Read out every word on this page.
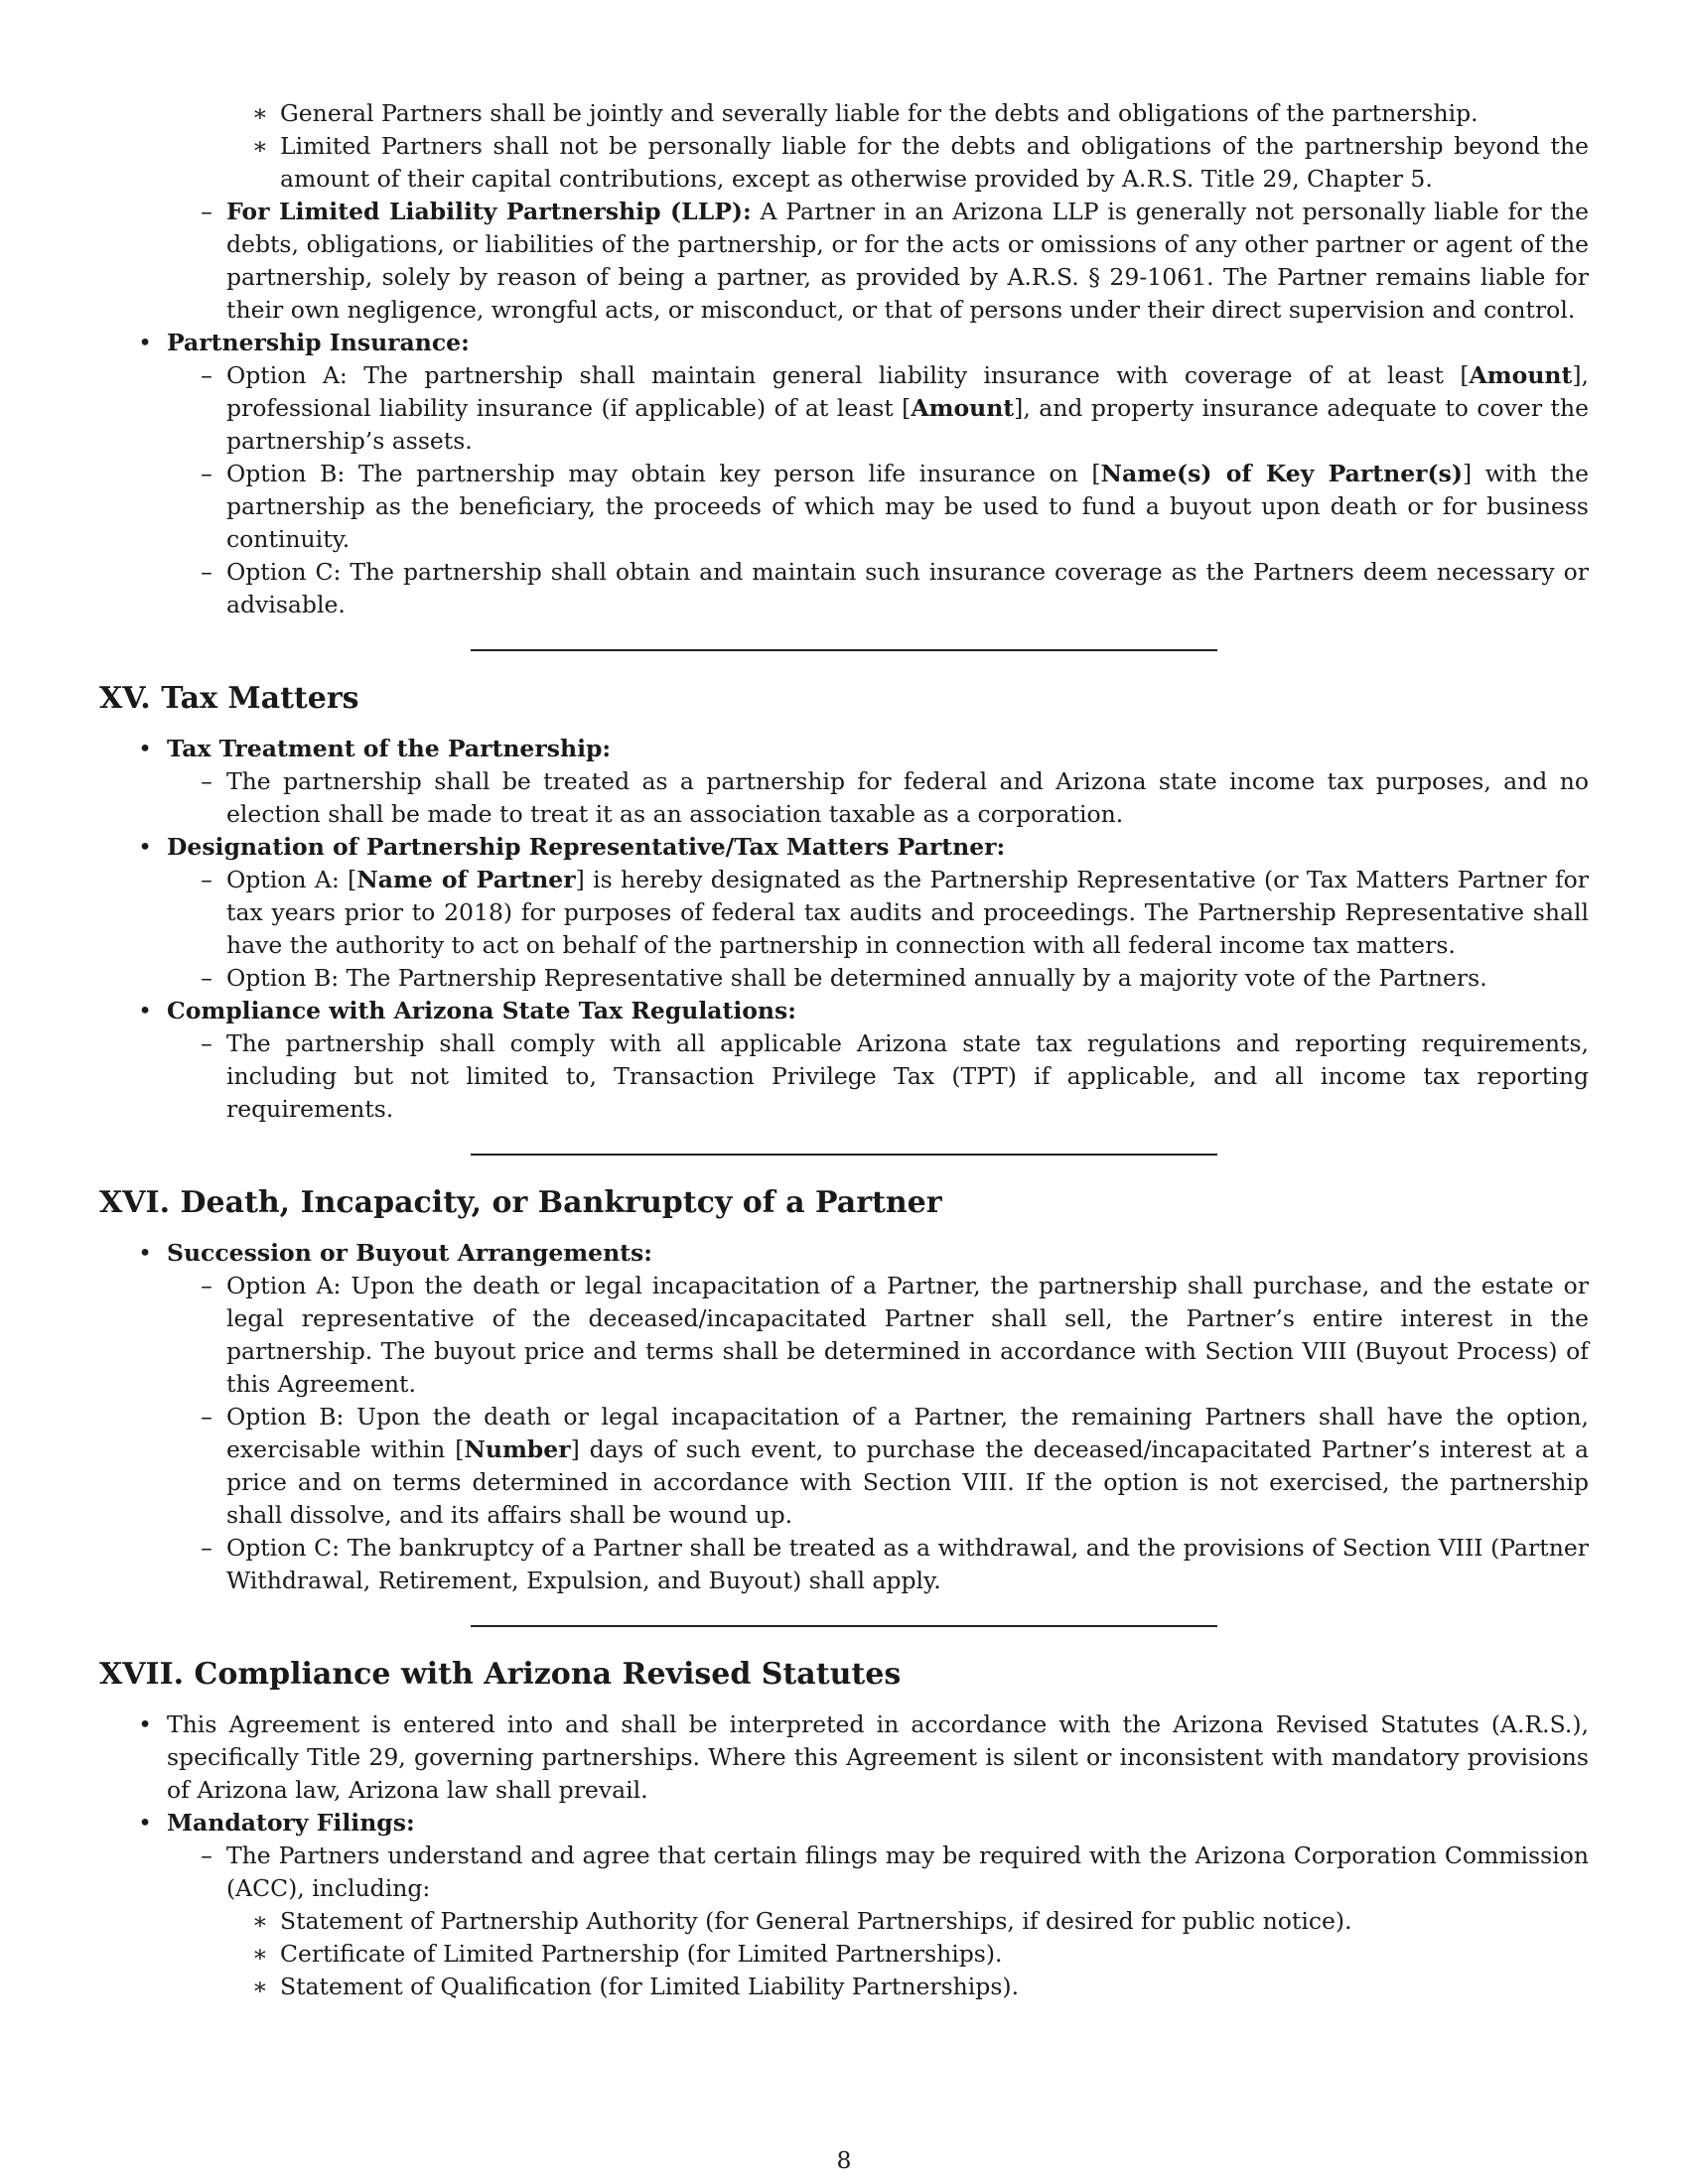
∗ General Partners shall be jointly and severally liable for the debts and obligations of the partnership.
∗ Limited Partners shall not be personally liable for the debts and obligations of the partnership beyond the amount of their capital contributions, except as otherwise provided by A.R.S. Title 29, Chapter 5.
– For Limited Liability Partnership (LLP): A Partner in an Arizona LLP is generally not personally liable for the debts, obligations, or liabilities of the partnership, or for the acts or omissions of any other partner or agent of the partnership, solely by reason of being a partner, as provided by A.R.S. § 29-1061. The Partner remains liable for their own negligence, wrongful acts, or misconduct, or that of persons under their direct supervision and control.
• Partnership Insurance:
– Option A: The partnership shall maintain general liability insurance with coverage of at least [Amount], professional liability insurance (if applicable) of at least [Amount], and property insurance adequate to cover the partnership’s assets.
– Option B: The partnership may obtain key person life insurance on [Name(s) of Key Partner(s)] with the partnership as the beneficiary, the proceeds of which may be used to fund a buyout upon death or for business continuity.
– Option C: The partnership shall obtain and maintain such insurance coverage as the Partners deem necessary or advisable.
XV. Tax Matters
• Tax Treatment of the Partnership:
– The partnership shall be treated as a partnership for federal and Arizona state income tax purposes, and no election shall be made to treat it as an association taxable as a corporation.
• Designation of Partnership Representative/Tax Matters Partner:
– Option A: [Name of Partner] is hereby designated as the Partnership Representative (or Tax Matters Partner for tax years prior to 2018) for purposes of federal tax audits and proceedings. The Partnership Representative shall have the authority to act on behalf of the partnership in connection with all federal income tax matters.
– Option B: The Partnership Representative shall be determined annually by a majority vote of the Partners.
• Compliance with Arizona State Tax Regulations:
– The partnership shall comply with all applicable Arizona state tax regulations and reporting requirements, including but not limited to, Transaction Privilege Tax (TPT) if applicable, and all income tax reporting requirements.
XVI. Death, Incapacity, or Bankruptcy of a Partner
• Succession or Buyout Arrangements:
– Option A: Upon the death or legal incapacitation of a Partner, the partnership shall purchase, and the estate or legal representative of the deceased/incapacitated Partner shall sell, the Partner’s entire interest in the partnership. The buyout price and terms shall be determined in accordance with Section VIII (Buyout Process) of this Agreement.
– Option B: Upon the death or legal incapacitation of a Partner, the remaining Partners shall have the option, exercisable within [Number] days of such event, to purchase the deceased/incapacitated Partner’s interest at a price and on terms determined in accordance with Section VIII. If the option is not exercised, the partnership shall dissolve, and its affairs shall be wound up.
– Option C: The bankruptcy of a Partner shall be treated as a withdrawal, and the provisions of Section VIII (Partner Withdrawal, Retirement, Expulsion, and Buyout) shall apply.
XVII. Compliance with Arizona Revised Statutes
• This Agreement is entered into and shall be interpreted in accordance with the Arizona Revised Statutes (A.R.S.), specifically Title 29, governing partnerships. Where this Agreement is silent or inconsistent with mandatory provisions of Arizona law, Arizona law shall prevail.
• Mandatory Filings:
– The Partners understand and agree that certain filings may be required with the Arizona Corporation Commission (ACC), including:
∗ Statement of Partnership Authority (for General Partnerships, if desired for public notice).
∗ Certificate of Limited Partnership (for Limited Partnerships).
∗ Statement of Qualification (for Limited Liability Partnerships).
8
